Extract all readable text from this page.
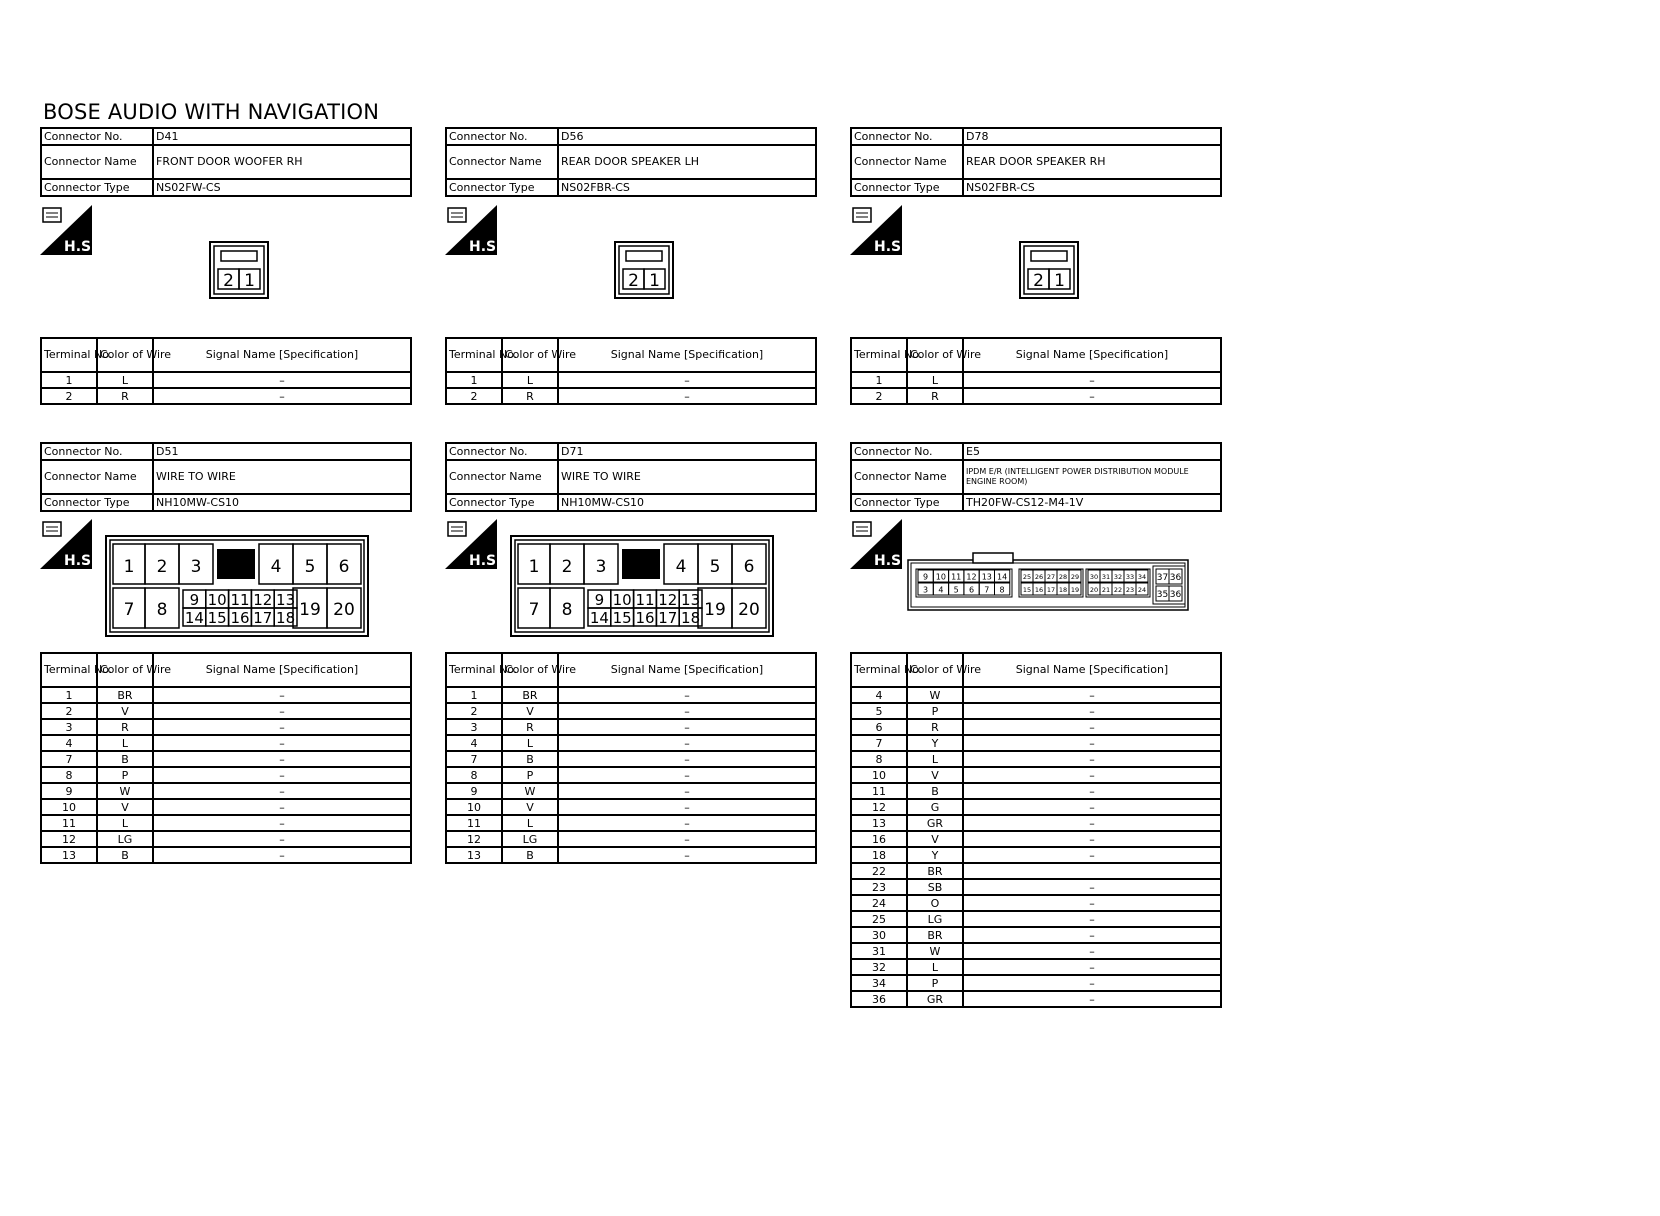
BOSE AUDIO WITH NAVIGATION
Connector No.	D41
Connector Name	FRONT DOOR WOOFER RH
Connector Type	NS02FW-CS
H.S.
2 1
Terminal No.	Color of Wire	Signal Name [Specification]
1	L	–
2	R	–
Connector No.	D56
Connector Name	REAR DOOR SPEAKER LH
Connector Type	NS02FBR-CS
H.S.
2 1
Terminal No.	Color of Wire	Signal Name [Specification]
1	L	–
2	R	–
Connector No.	D78
Connector Name	REAR DOOR SPEAKER RH
Connector Type	NS02FBR-CS
H.S.
2 1
Terminal No.	Color of Wire	Signal Name [Specification]
1	L	–
2	R	–
Connector No.	D51
Connector Name	WIRE TO WIRE
Connector Type	NH10MW-CS10
H.S. 1 2 3	4 5 6
7 8 9 10 11 12 13
14 15 16 17 18 19 20
Terminal No.	Color of Wire	Signal Name [Specification]
1	BR	–
2	V	–
3	R	–
4	L	–
7	B	–
8	P	–
9	W	–
10	V	–
11	L	–
12	LG	–
13	B	–
Connector No.	D71
Connector Name	WIRE TO WIRE
Connector Type	NH10MW-CS10
H.S. 1 2 3	4 5 6
7 8 9 10 11 12 13
14 15 16 17 18 19 20
Terminal No.	Color of Wire	Signal Name [Specification]
1	BR	–
2	V	–
3	R	–
4	L	–
7	B	–
8	P	–
9	W	–
10	V	–
11	L	–
12	LG	–
13	B	–
Connector No.	E5
Connector Name	IPDM E/R (INTELLIGENT POWER DISTRIBUTION MODULE ENGINE ROOM)
Connector Type	TH20FW-CS12-M4-1V
H.S.
9 10 11 12 13 14
3 4 5 6 7 8
25 26 27 28 29
15 16 17 18 19
30 31 32 33 34
20 21 22 23 24
37 36
35 36
Terminal No.	Color of Wire	Signal Name [Specification]
4	W	–
5	P	–
6	R	–
7	Y	–
8	L	–
10	V	–
11	B	–
12	G	–
13	GR	–
16	V	–
18	Y	–
22	BR	
23	SB	–
24	O	–
25	LG	–
30	BR	–
31	W	–
32	L	–
34	P	–
36	GR	–
